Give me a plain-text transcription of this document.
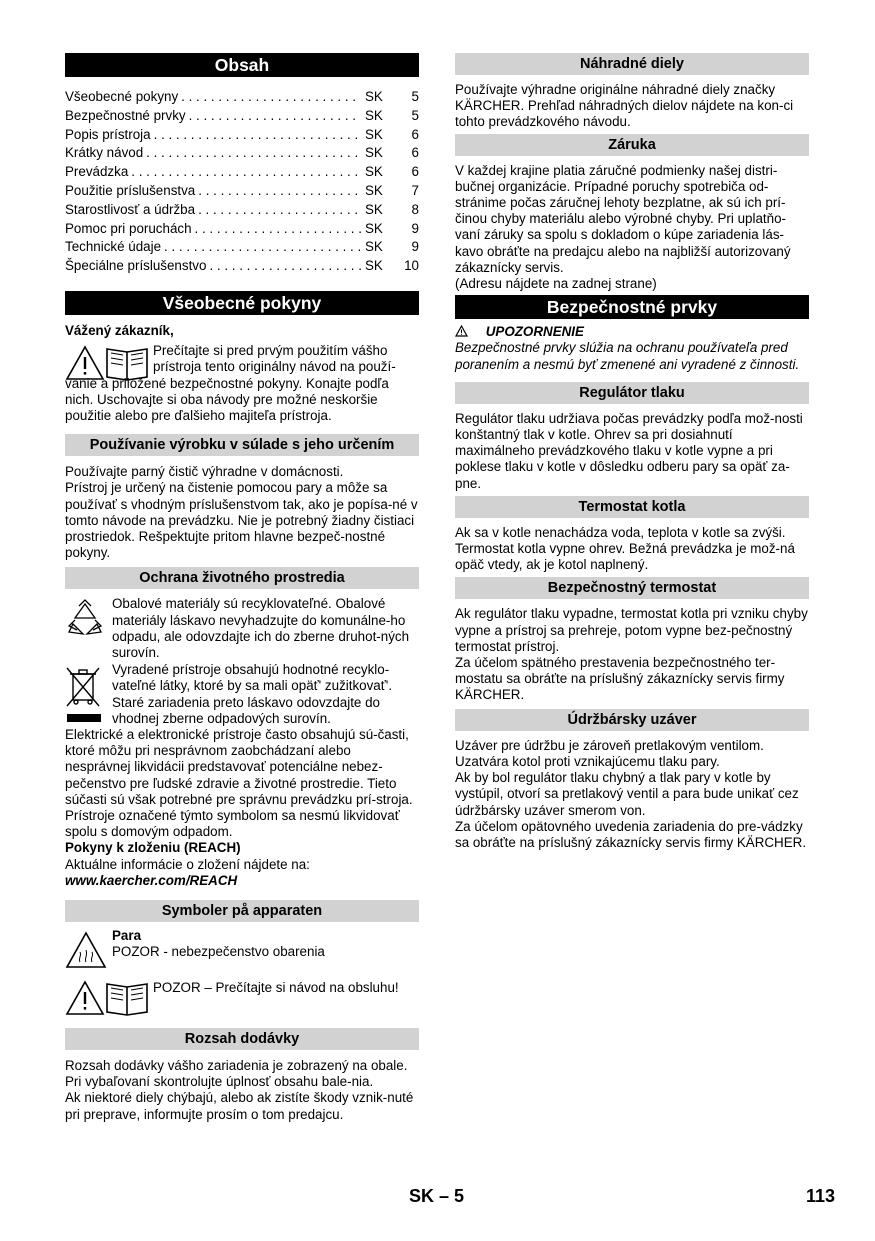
Obsah
Všeobecné pokyny . . .	SK	5
Bezpečnostné prvky . . .	SK	5
Popis prístroja . . .	SK	6
Krátky návod . . .	SK	6
Prevádzka . . .	SK	6
Použitie príslušenstva . . .	SK	7
Starostlivosť a údržba . . .	SK	8
Pomoc pri poruchách . . .	SK	9
Technické údaje . . .	SK	9
Špeciálne príslušenstvo . . .	SK	10
Všeobecné pokyny

Vážený zákazník,

Prečítajte si pred prvým použitím vášho prístroja tento originálny návod na použí-vanie a priložené bezpečnostné pokyny. Konajte podľa nich. Uschovajte si oba návody pre možné neskoršie použitie alebo pre ďalšieho majiteľa prístroja.

Používanie výrobku v súlade s jeho určením

Používajte parný čistič výhradne v domácnosti.
Prístroj je určený na čistenie pomocou pary a môže sa používať s vhodným príslušenstvom tak, ako je popísa-né v tomto návode na prevádzku. Nie je potrebný žiadny čistiaci prostriedok. Rešpektujte pritom hlavne bezpeč-nostné pokyny.

Ochrana životného prostredia

Obalové materiály sú recyklovateľné. Obalové materiály láskavo nevyhadzujte do komunálne-ho odpadu, ale odovzdajte ich do zberne druhot-ných surovín.

Vyradené prístroje obsahujú hodnotné recyklo-vateľné látky, ktoré by sa mali opäť' zužitkovať'. Staré zariadenia preto láskavo odovzdajte do vhodnej zberne odpadových surovín.

Elektrické a elektronické prístroje často obsahujú sú-časti, ktoré môžu pri nesprávnom zaobchádzaní alebo nesprávnej likvidácii predstavovať potenciálne nebez-pečenstvo pre ľudské zdravie a životné prostredie. Tieto súčasti sú však potrebné pre správnu prevádzku prí-stroja. Prístroje označené týmto symbolom sa nesmú likvidovať spolu s domovým odpadom.

Pokyny k zloženiu (REACH)

Aktuálne informácie o zložení nájdete na:

www.kaercher.com/REACH

Symboler på apparaten

Para

POZOR - nebezpečenstvo obarenia

POZOR – Prečítajte si návod na obsluhu!

Rozsah dodávky

Rozsah dodávky vášho zariadenia je zobrazený na obale. Pri vybaľovaní skontrolujte úplnosť obsahu bale-nia.

Ak niektoré diely chýbajú, alebo ak zistíte škody vznik-nuté pri preprave, informujte prosím o tom predajcu.

Náhradné diely

Používajte výhradne originálne náhradné diely značky KÄRCHER. Prehľad náhradných dielov nájdete na kon-ci tohto prevádzkového návodu.

Záruka

V každej krajine platia záručné podmienky našej distri-bučnej organizácie. Prípadné poruchy spotrebiča od-stránime počas záručnej lehoty bezplatne, ak sú ich prí-činou chyby materiálu alebo výrobné chyby. Pri uplatňo-vaní záruky sa spolu s dokladom o kúpe zariadenia lás-kavo obráťte na predajcu alebo na najbližší autorizovaný zákaznícky servis.

(Adresu nájdete na zadnej strane)

Bezpečnostné prvky

UPOZORNENIE

Bezpečnostné prvky slúžia na ochranu používateľa pred poranením a nesmú byť zmenené ani vyradené z činnosti.

Regulátor tlaku

Regulátor tlaku udržiava počas prevádzky podľa mož-nosti konštantný tlak v kotle. Ohrev sa pri dosiahnutí maximálneho prevádzkového tlaku v kotle vypne a pri poklese tlaku v kotle v dôsledku odberu pary sa opäť za-pne.

Termostat kotla

Ak sa v kotle nenachádza voda, teplota v kotle sa zvýši. Termostat kotla vypne ohrev. Bežná prevádzka je mož-ná opäč vtedy, ak je kotol naplnený.

Bezpečnostný termostat

Ak regulátor tlaku vypadne, termostat kotla pri vzniku chyby vypne a prístroj sa prehreje, potom vypne bez-pečnostný termostat prístroj.

Za účelom spätného prestavenia bezpečnostného ter-mostatu sa obráťte na príslušný zákaznícky servis firmy KÄRCHER.

Údržbársky uzáver

Uzáver pre údržbu je zároveň pretlakovým ventilom. Uzatvára kotol proti vznikajúcemu tlaku pary.

Ak by bol regulátor tlaku chybný a tlak pary v kotle by vystúpil, otvorí sa pretlakový ventil a para bude unikať cez údržbársky uzáver smerom von.

Za účelom opätovného uvedenia zariadenia do pre-vádzky sa obráťte na príslušný zákaznícky servis firmy KÄRCHER.

SK – 5	113
